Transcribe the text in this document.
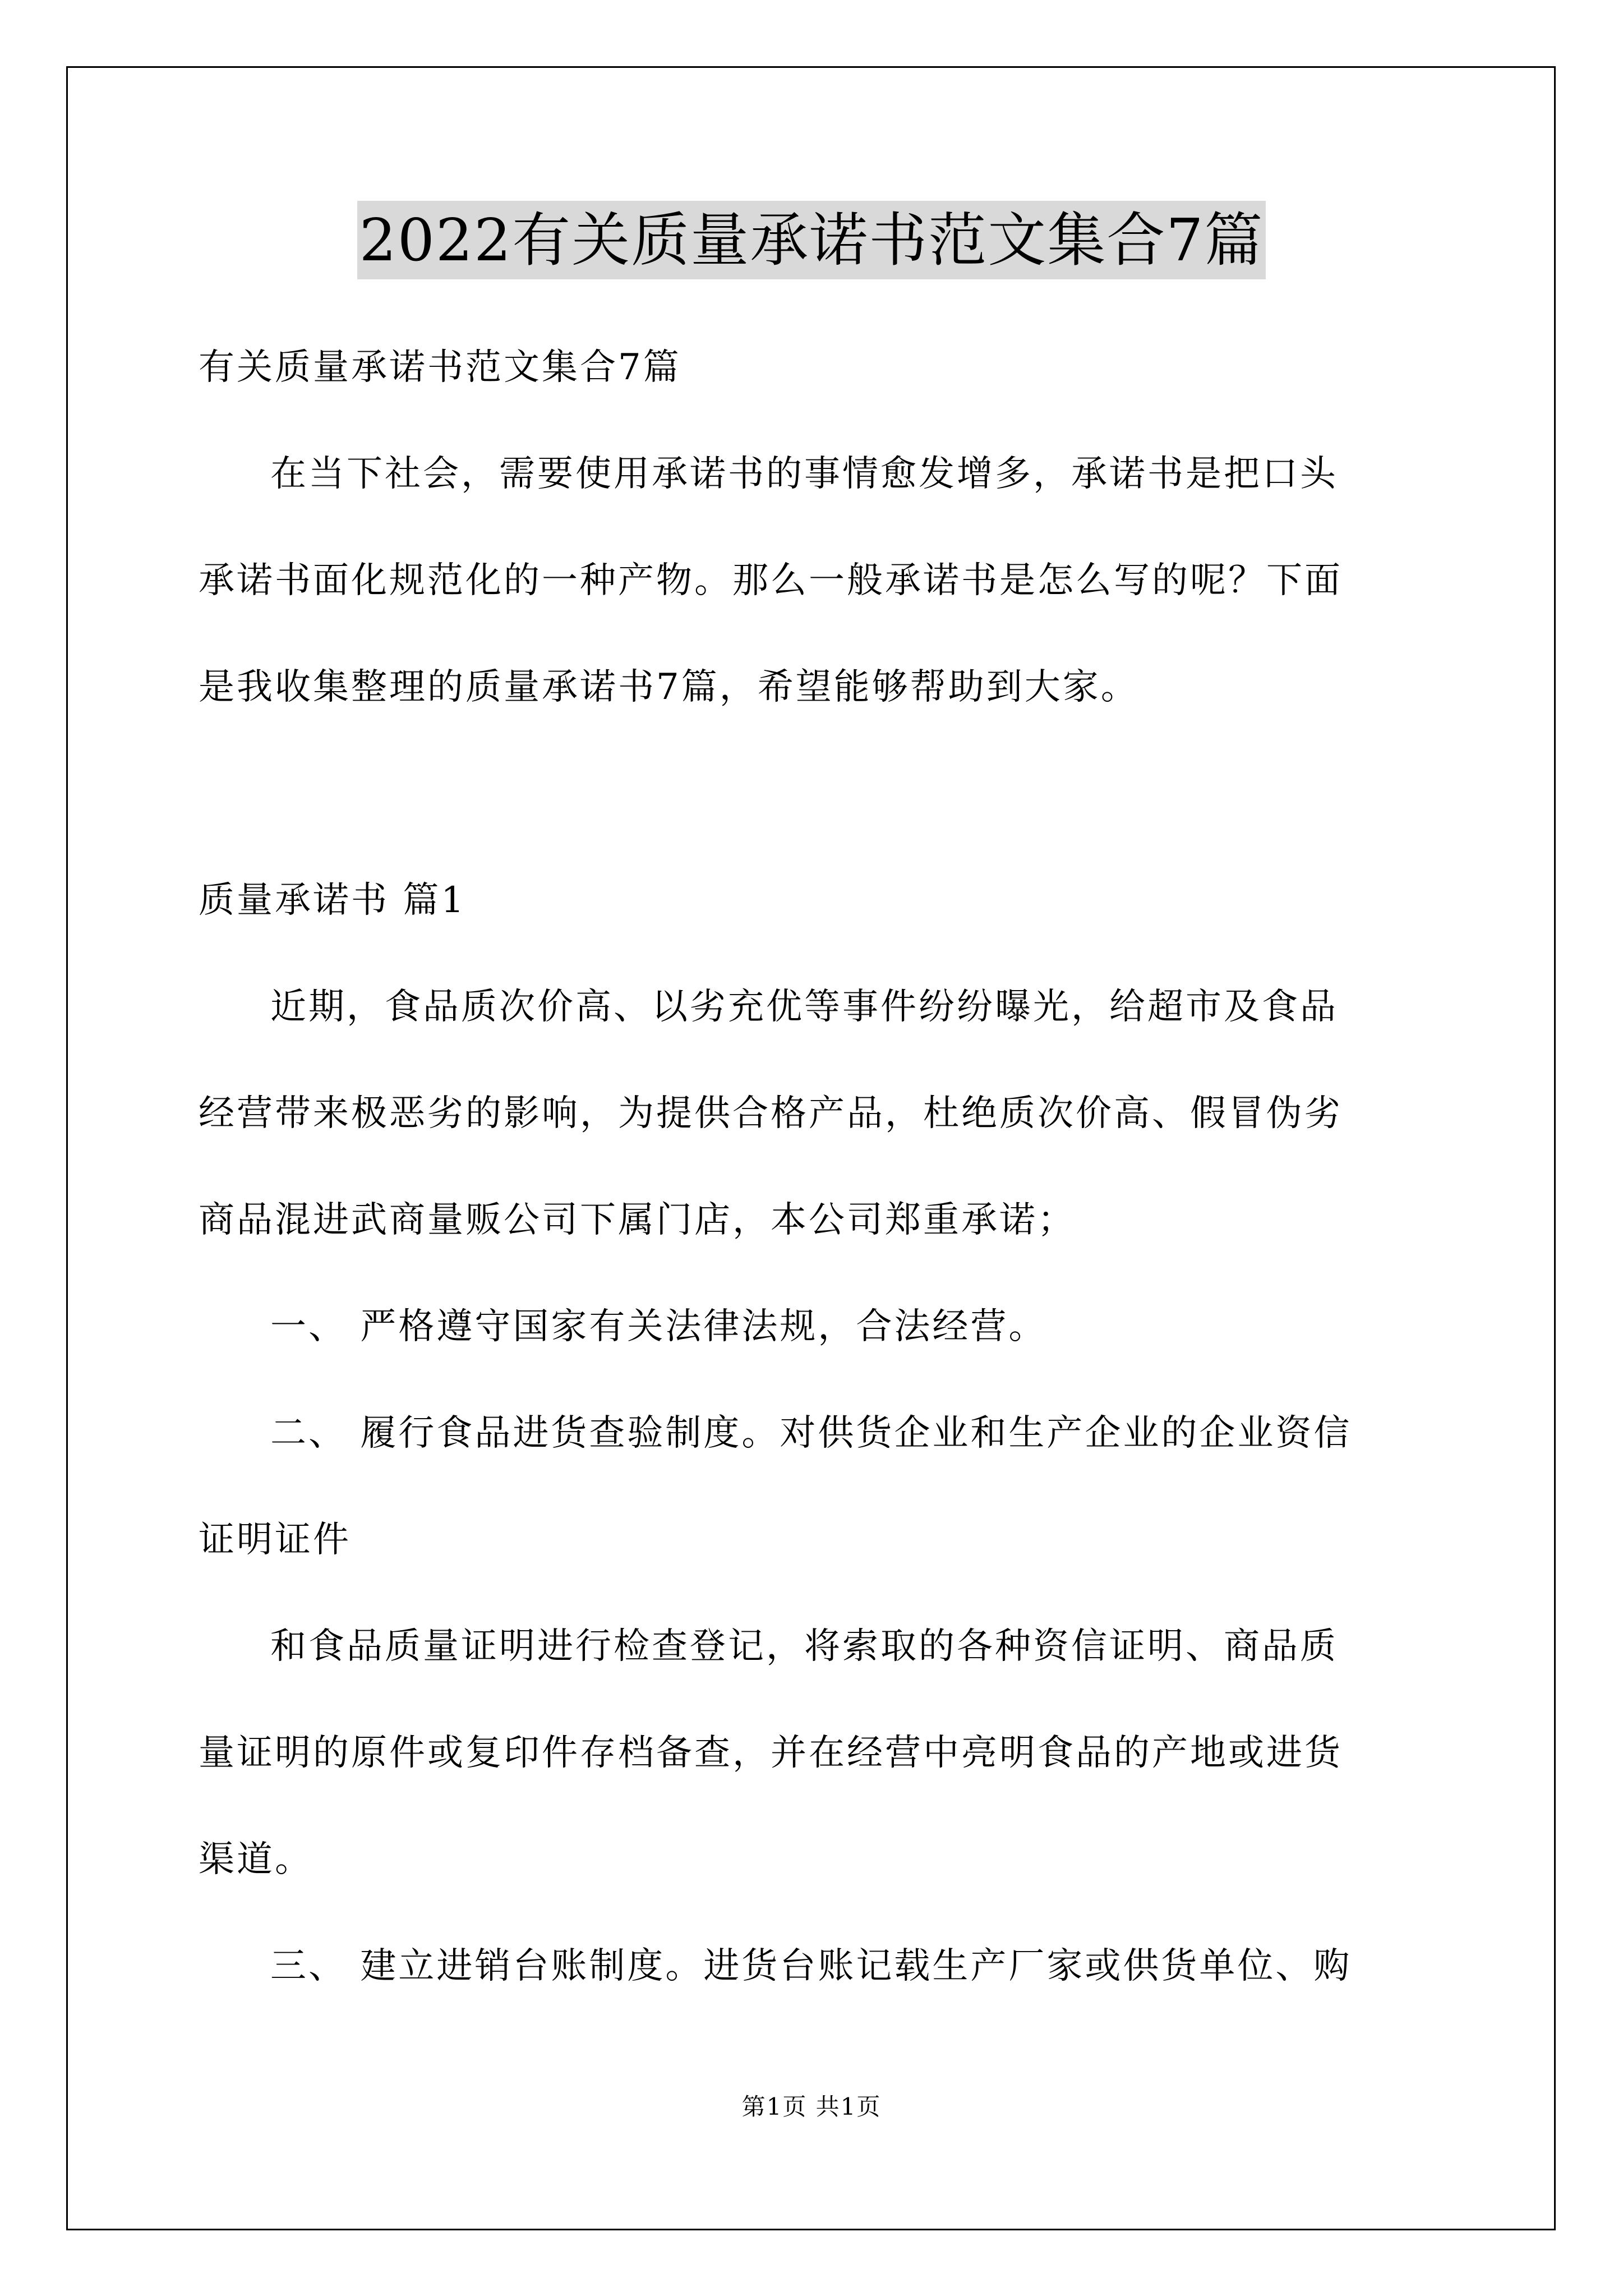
2022有关质量承诺书范文集合7篇

有关质量承诺书范文集合7篇

在当下社会，需要使用承诺书的事情愈发增多，承诺书是把口头

承诺书面化规范化的一种产物。那么一般承诺书是怎么写的呢？下面

是我收集整理的质量承诺书7篇，希望能够帮助到大家。

质量承诺书 篇1

近期，食品质次价高、以劣充优等事件纷纷曝光，给超市及食品

经营带来极恶劣的影响，为提供合格产品，杜绝质次价高、假冒伪劣

商品混进武商量贩公司下属门店，本公司郑重承诺；

一、 严格遵守国家有关法律法规，合法经营。

二、 履行食品进货查验制度。对供货企业和生产企业的企业资信

证明证件

和食品质量证明进行检查登记，将索取的各种资信证明、商品质

量证明的原件或复印件存档备查，并在经营中亮明食品的产地或进货

渠道。

三、 建立进销台账制度。进货台账记载生产厂家或供货单位、购

第1页 共1页
